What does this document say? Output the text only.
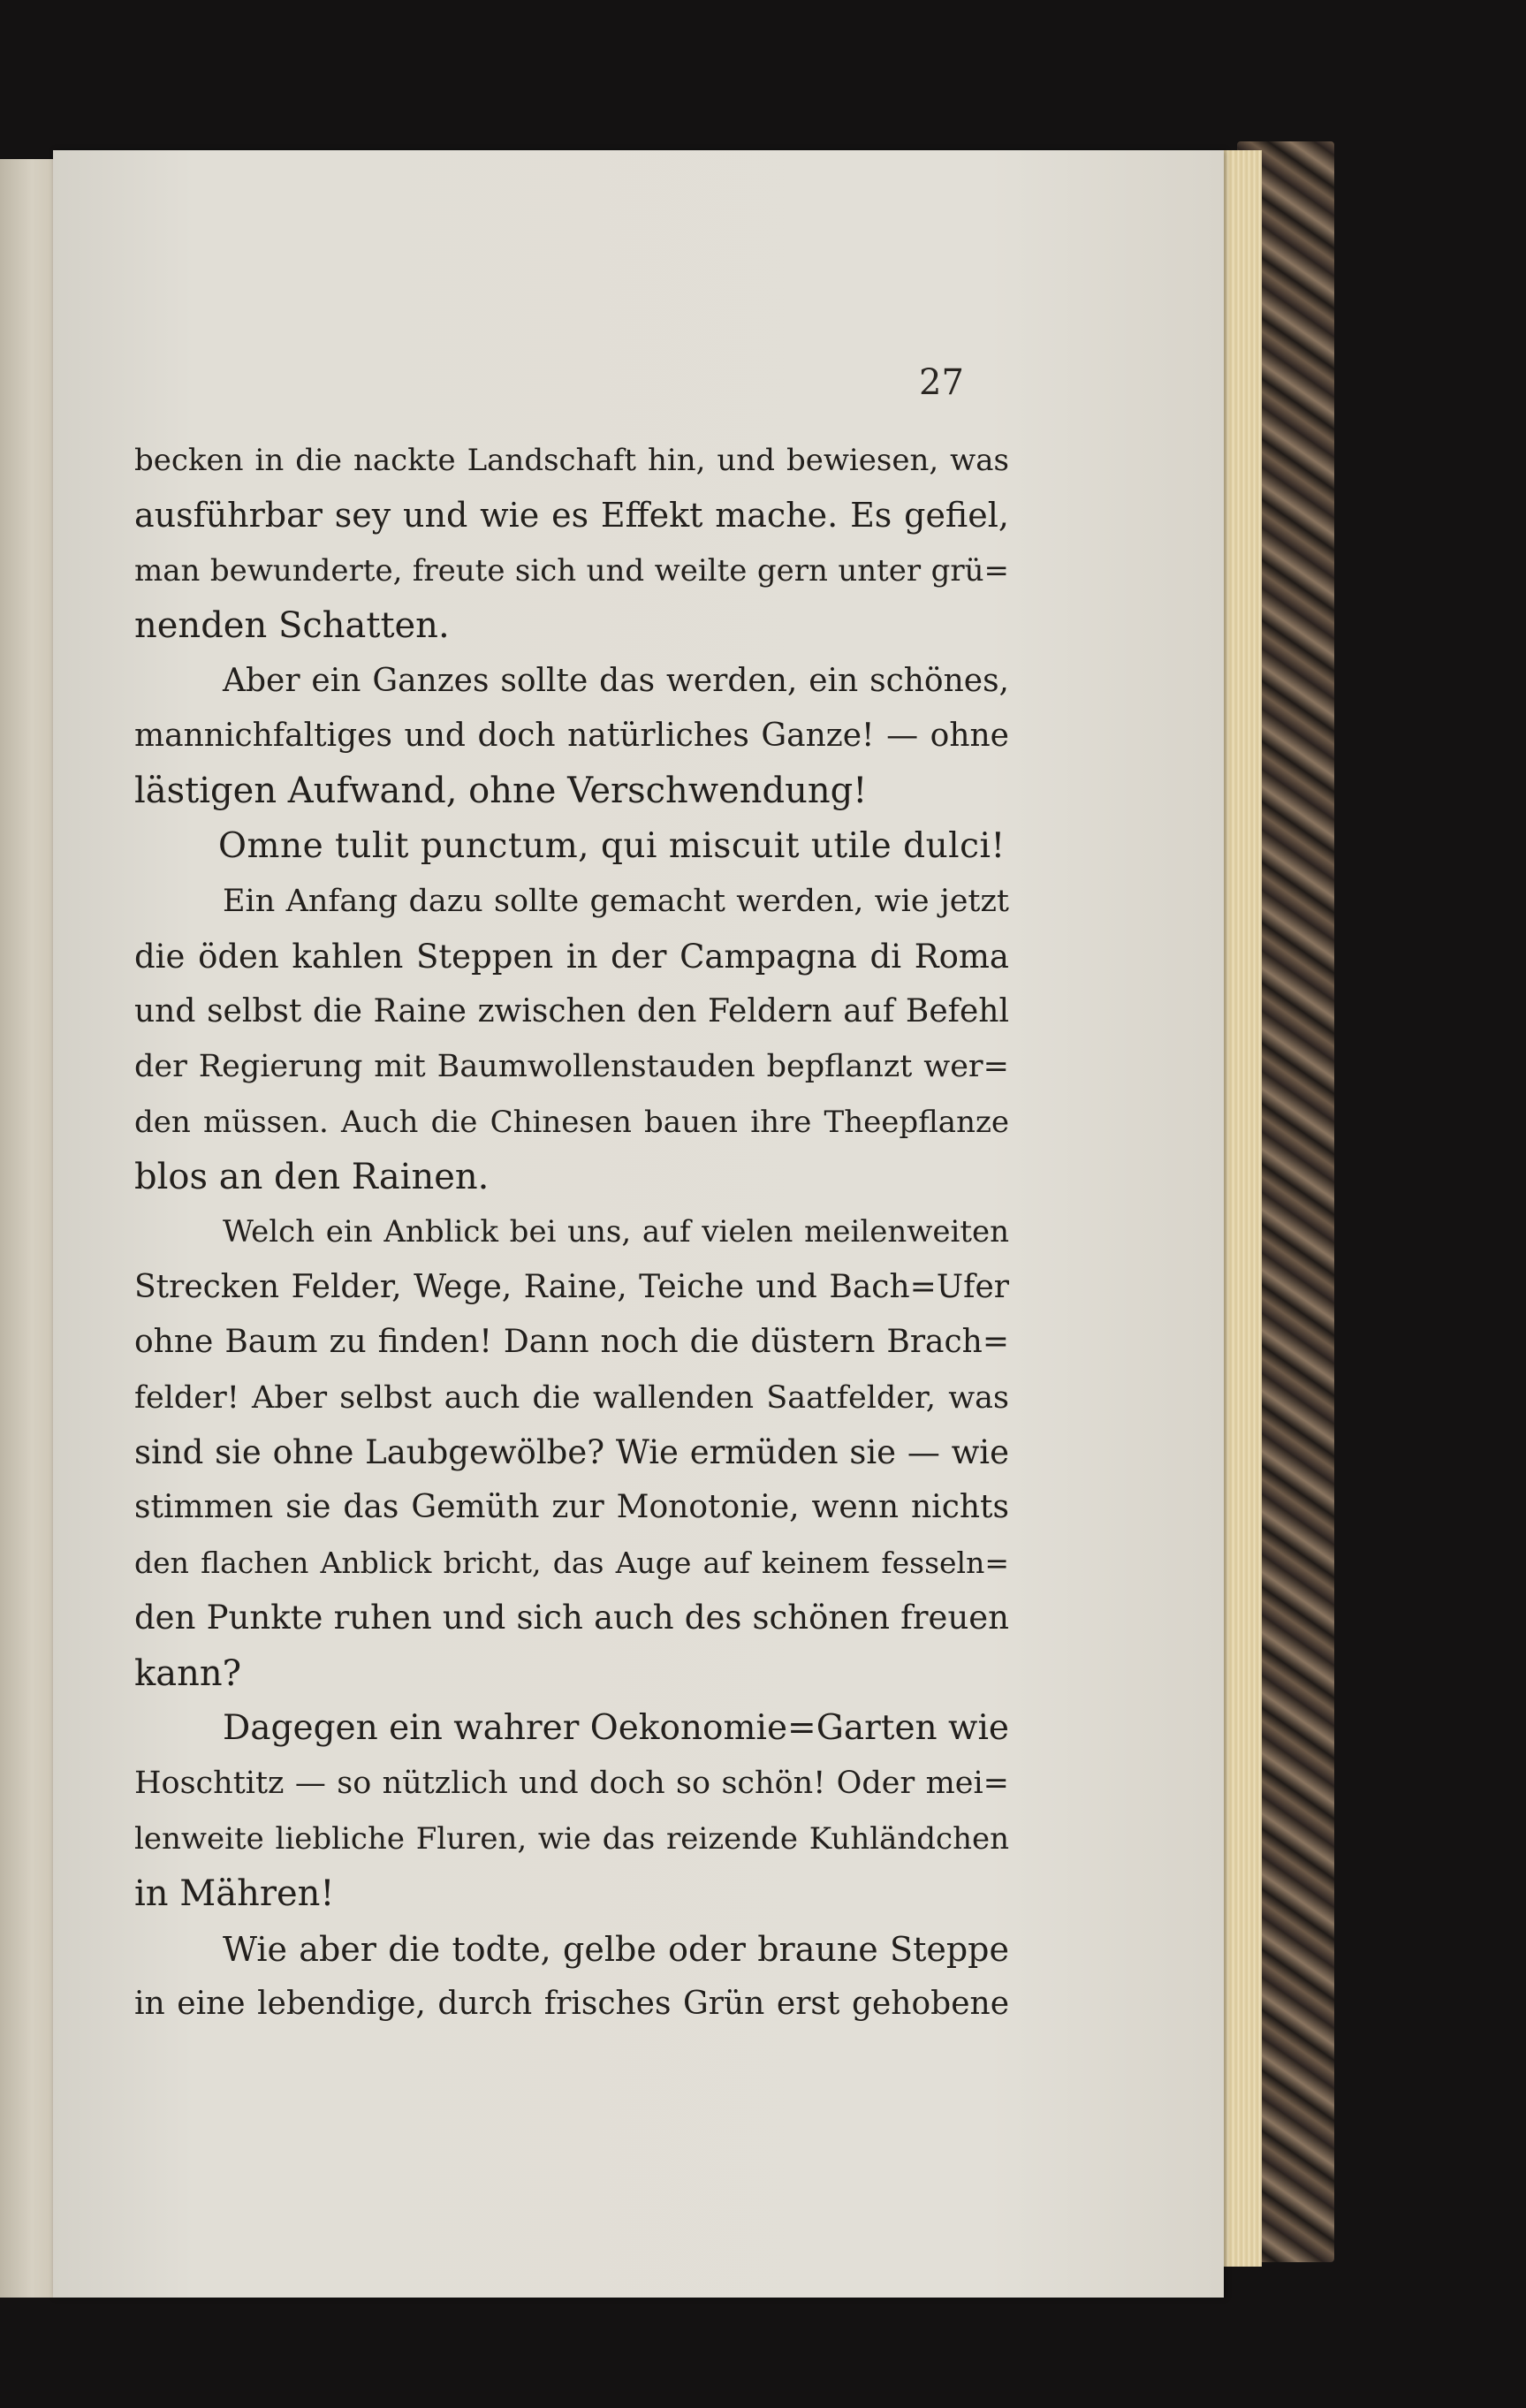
27
becken in die nackte Landschaft hin, und bewiesen, was
ausführbar sey und wie es Effekt mache. Es gefiel,
man bewunderte, freute sich und weilte gern unter grü=
nenden Schatten.
Aber ein Ganzes sollte das werden, ein schönes,
mannichfaltiges und doch natürliches Ganze! — ohne
lästigen Aufwand, ohne Verschwendung!
Omne tulit punctum, qui miscuit utile dulci!
Ein Anfang dazu sollte gemacht werden, wie jetzt
die öden kahlen Steppen in der Campagna di Roma
und selbst die Raine zwischen den Feldern auf Befehl
der Regierung mit Baumwollenstauden bepflanzt wer=
den müssen. Auch die Chinesen bauen ihre Theepflanze
blos an den Rainen.
Welch ein Anblick bei uns, auf vielen meilenweiten
Strecken Felder, Wege, Raine, Teiche und Bach=Ufer
ohne Baum zu finden! Dann noch die düstern Brach=
felder! Aber selbst auch die wallenden Saatfelder, was
sind sie ohne Laubgewölbe? Wie ermüden sie — wie
stimmen sie das Gemüth zur Monotonie, wenn nichts
den flachen Anblick bricht, das Auge auf keinem fesseln=
den Punkte ruhen und sich auch des schönen freuen
kann?
Dagegen ein wahrer Oekonomie=Garten wie
Hoschtitz — so nützlich und doch so schön! Oder mei=
lenweite liebliche Fluren, wie das reizende Kuhländchen
in Mähren!
Wie aber die todte, gelbe oder braune Steppe
in eine lebendige, durch frisches Grün erst gehobene
